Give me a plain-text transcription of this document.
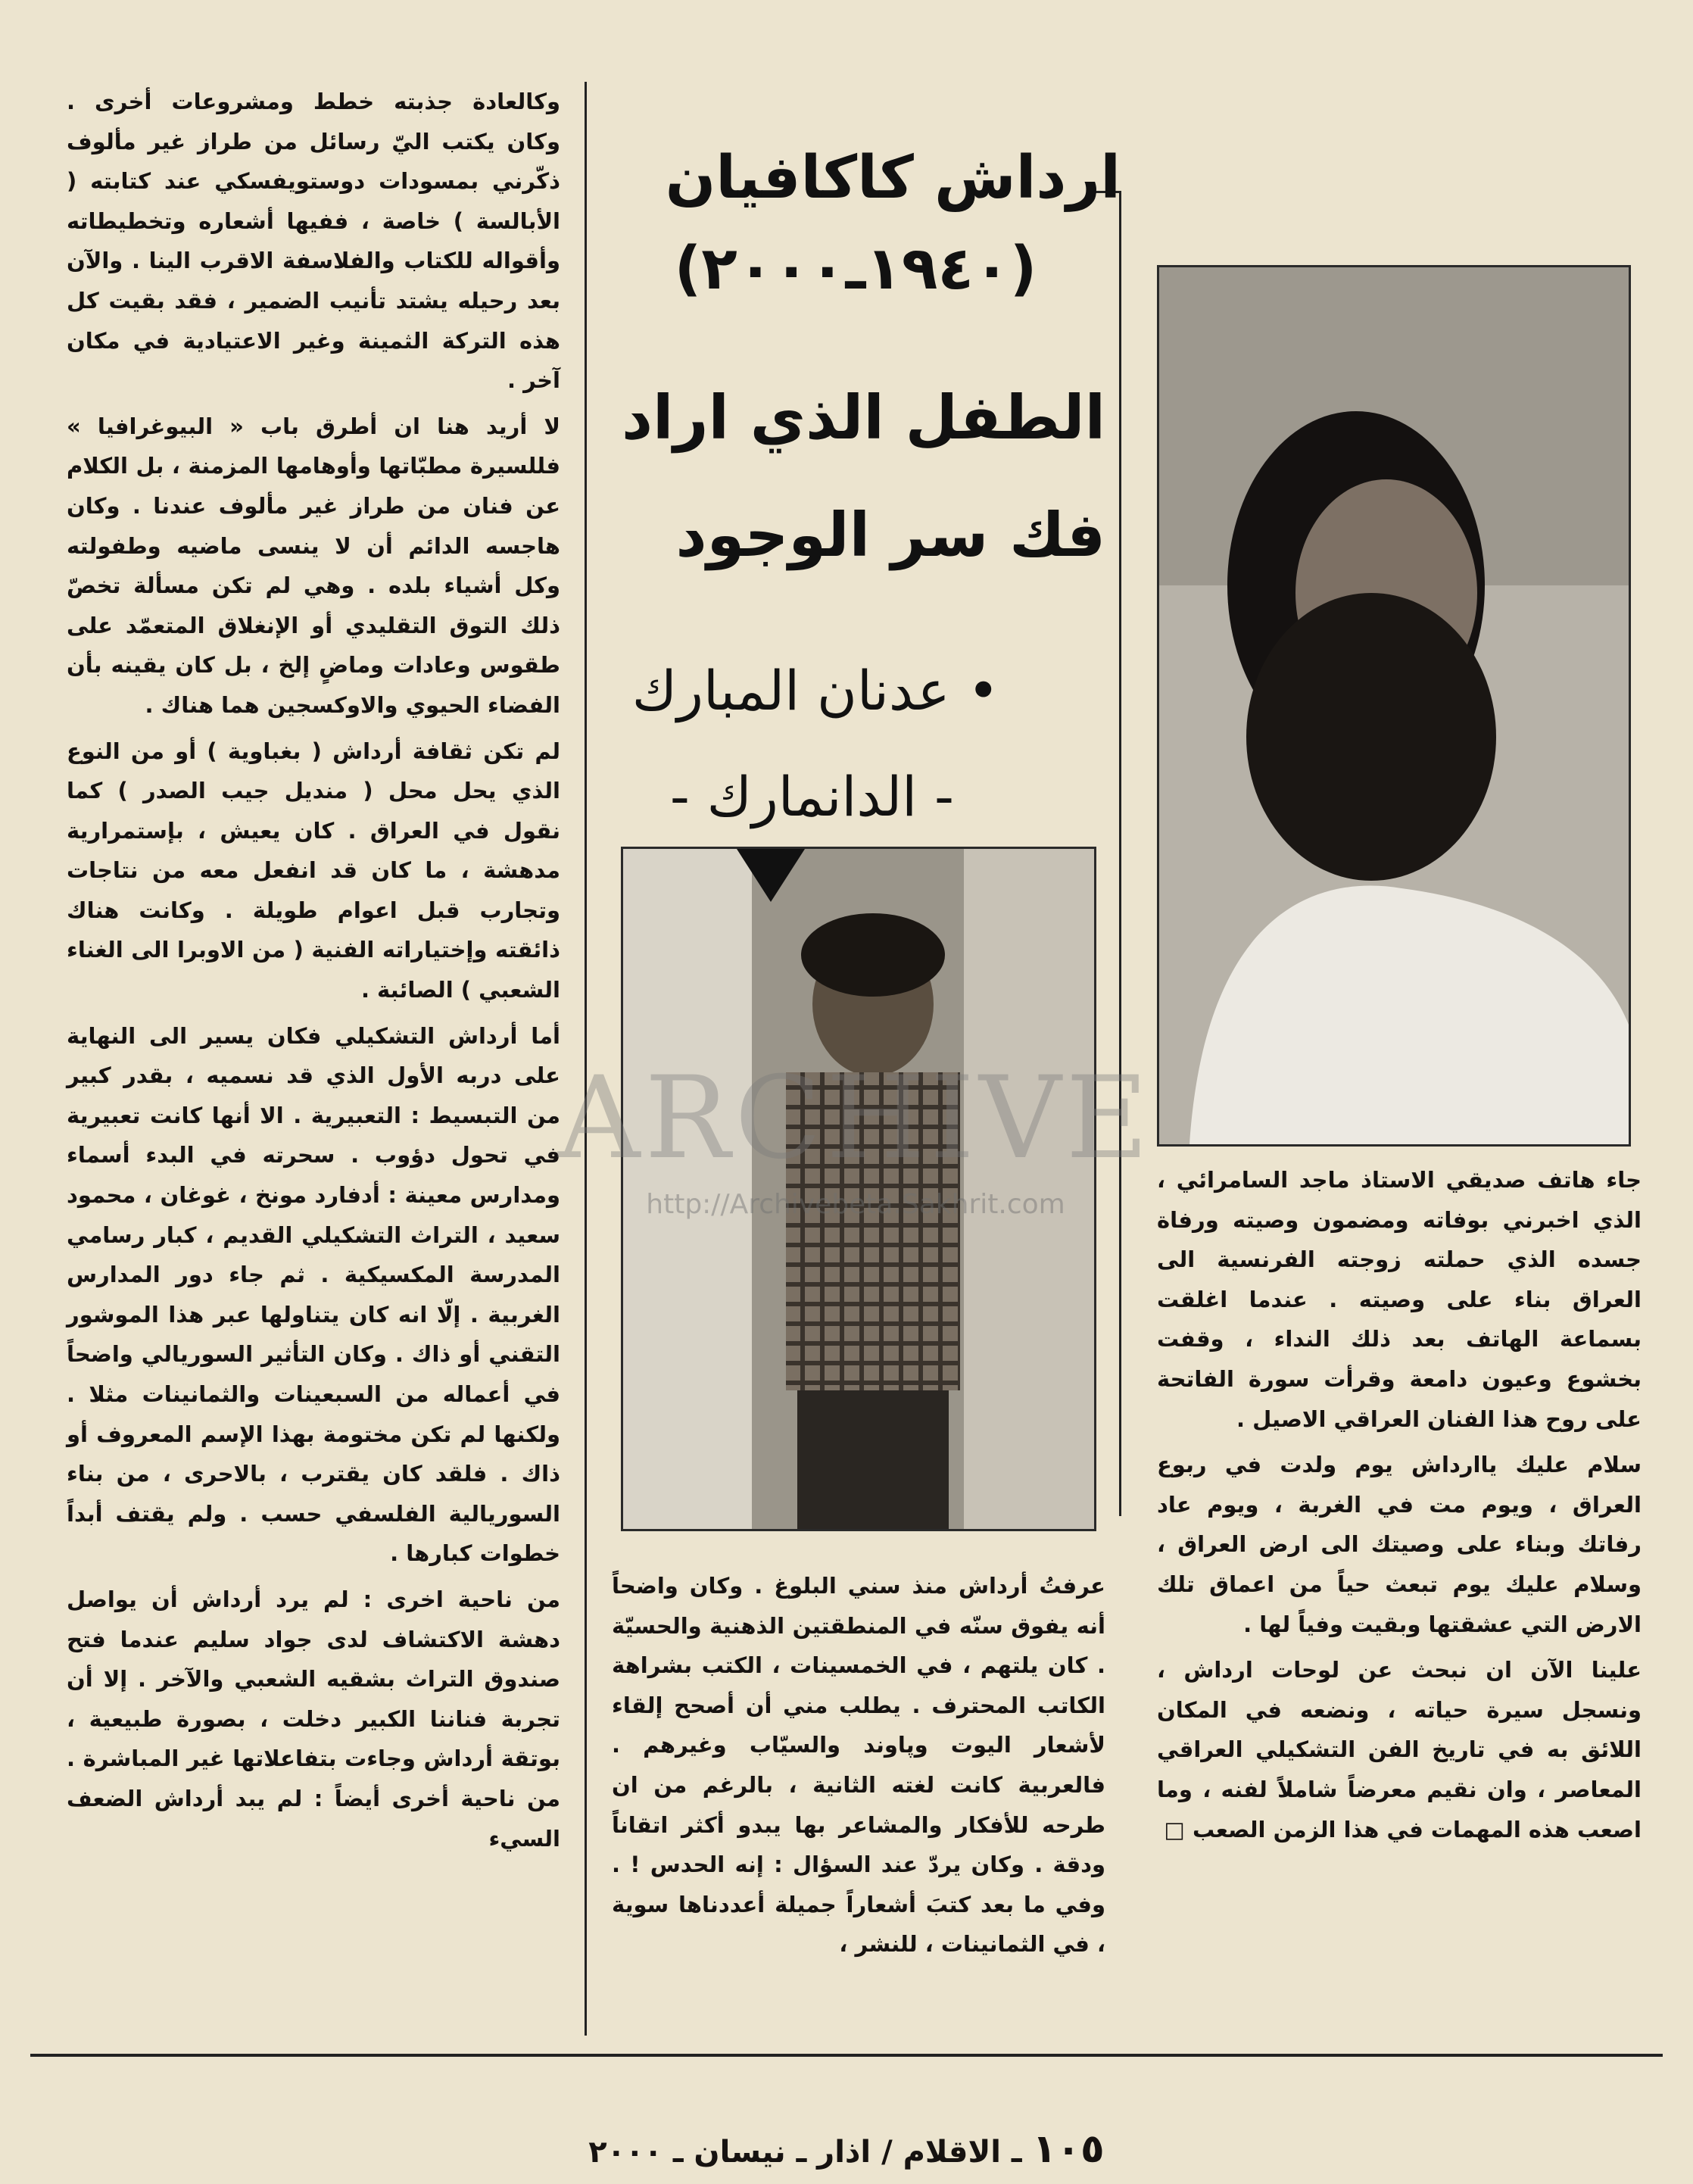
وكالعادة جذبته خطط ومشروعات أخرى . وكان يكتب اليّ رسائل من طراز غير مألوف ذكّرني بمسودات دوستويفسكي عند كتابته ( الأبالسة ) خاصة ، ففيها أشعاره وتخطيطاته وأقواله للكتاب والفلاسفة الاقرب الينا . والآن بعد رحيله يشتد تأنيب الضمير ، فقد بقيت كل هذه التركة الثمينة وغير الاعتيادية في مكان آخر .

لا أريد هنا ان أطرق باب « البيوغرافيا » فللسيرة مطبّاتها وأوهامها المزمنة ، بل الكلام عن فنان من طراز غير مألوف عندنا . وكان هاجسه الدائم أن لا ينسى ماضيه وطفولته وكل أشياء بلده . وهي لم تكن مسألة تخصّ ذلك التوق التقليدي أو الإنغلاق المتعمّد على طقوس وعادات وماضٍ إلخ ، بل كان يقينه بأن الفضاء الحيوي والاوكسجين هما هناك .

لم تكن ثقافة أرداش ( بغباوية ) أو من النوع الذي يحل محل ( منديل جيب الصدر ) كما نقول في العراق . كان يعيش ، بإستمرارية مدهشة ، ما كان قد انفعل معه من نتاجات وتجارب قبل اعوام طويلة . وكانت هناك ذائقته وإختياراته الفنية ( من الاوبرا الى الغناء الشعبي ) الصائبة .

أما أرداش التشكيلي فكان يسير الى النهاية على دربه الأول الذي قد نسميه ، بقدر كبير من التبسيط : التعبيرية . الا أنها كانت تعبيرية في تحول دؤوب . سحرته في البدء أسماء ومدارس معينة : أدفارد مونخ ، غوغان ، محمود سعيد ، التراث التشكيلي القديم ، كبار رسامي المدرسة المكسيكية . ثم جاء دور المدارس الغربية . إلّا انه كان يتناولها عبر هذا الموشور التقني أو ذاك . وكان التأثير السوريالي واضحاً في أعماله من السبعينات والثمانينات مثلا . ولكنها لم تكن مختومة بهذا الإسم المعروف أو ذاك . فلقد كان يقترب ، بالاحرى ، من بناء السوريالية الفلسفي حسب . ولم يقتف أبداً خطوات كبارها .

من ناحية اخرى : لم يرد أرداش أن يواصل دهشة الاكتشاف لدى جواد سليم عندما فتح صندوق التراث بشقيه الشعبي والآخر . إلا أن تجربة فناننا الكبير دخلت ، بصورة طبيعية ، بوتقة أرداش وجاءت بتفاعلاتها غير المباشرة . من ناحية أخرى أيضاً : لم يبد أرداش الضعف السيء

ارداش كاكافيان
(١٩٤٠ـ٢٠٠٠)
الطفل الذي اراد
فك سر الوجود
• عدنان المبارك
- الدانمارك -

عرفتُ أرداش منذ سني البلوغ . وكان واضحاً أنه يفوق سنّه في المنطقتين الذهنية والحسيّة . كان يلتهم ، في الخمسينات ، الكتب بشراهة الكاتب المحترف . يطلب مني أن أصحح إلقاء لأشعار اليوت وپاوند والسيّاب وغيرهم . فالعربية كانت لغته الثانية ، بالرغم من ان طرحه للأفكار والمشاعر بها يبدو أكثر اتقاناً ودقة . وكان يردّ عند السؤال : إنه الحدس ! . وفي ما بعد كتبَ أشعاراً جميلة أعددناها سوية ، في الثمانينات ، للنشر ،

جاء هاتف صديقي الاستاذ ماجد السامرائي ، الذي اخبرني بوفاته ومضمون وصيته ورفاة جسده الذي حملته زوجته الفرنسية الى العراق بناء على وصيته . عندما اغلقت بسماعة الهاتف بعد ذلك النداء ، وقفت بخشوع وعيون دامعة وقرأت سورة الفاتحة على روح هذا الفنان العراقي الاصيل .

سلام عليك ياارداش يوم ولدت في ربوع العراق ، ويوم مت في الغربة ، ويوم عاد رفاتك وبناء على وصيتك الى ارض العراق ، وسلام عليك يوم تبعث حياً من اعماق تلك الارض التي عشقتها وبقيت وفياً لها .

علينا الآن ان نبحث عن لوحات ارداش ، ونسجل سيرة حياته ، ونضعه في المكان اللائق به في تاريخ الفن التشكيلي العراقي المعاصر ، وان نقيم معرضاً شاملاً لفنه ، وما اصعب هذه المهمات في هذا الزمن الصعب □

ARCHIVE
http://Archivebeta.Sakhrit.com
١٠٥ ـ الاقلام / اذار ـ نيسان ـ ٢٠٠٠
